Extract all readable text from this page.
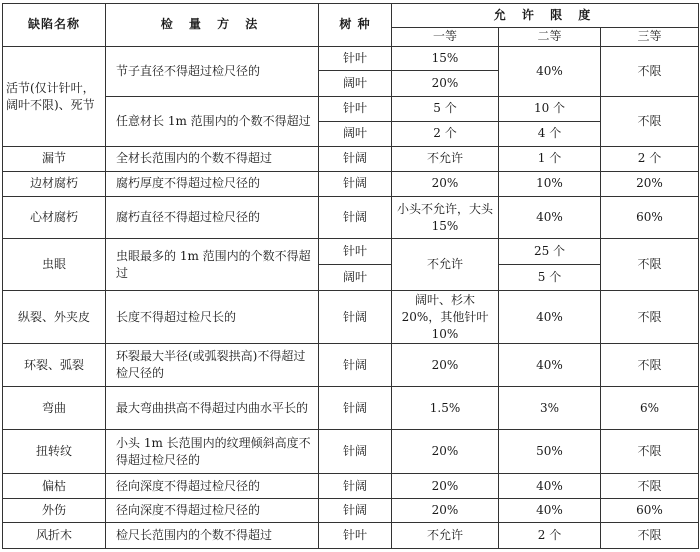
缺陷名称	检 量 方 法	树 种	允 许 限 度		
			一等	二等	三等
活节(仅计针叶，阔叶不限)、死节	节子直径不得超过检尺径的	针叶	15%	40%	不限
		阔叶	20%		
	任意材长 1m 范围内的个数不得超过	针叶	5 个	10 个	不限
		阔叶	2 个	4 个	
漏节	全材长范围内的个数不得超过	针阔	不允许	1 个	2 个
边材腐朽	腐朽厚度不得超过检尺径的	针阔	20%	10%	20%
心材腐朽	腐朽直径不得超过检尺径的	针阔	小头不允许，大头 15%	40%	60%
虫眼	虫眼最多的 1m 范围内的个数不得超过	针叶	不允许	25 个	不限
		阔叶		5 个	
纵裂、外夹皮	长度不得超过检尺长的	针阔	阔叶、杉木 20%，其他针叶 10%	40%	不限
环裂、弧裂	环裂最大半径(或弧裂拱高)不得超过检尺径的	针阔	20%	40%	不限
弯曲	最大弯曲拱高不得超过内曲水平长的	针阔	1.5%	3%	6%
扭转纹	小头 1m 长范围内的纹理倾斜高度不得超过检尺径的	针阔	20%	50%	不限
偏枯	径向深度不得超过检尺径的	针阔	20%	40%	不限
外伤	径向深度不得超过检尺径的	针阔	20%	40%	60%
风折木	检尺长范围内的个数不得超过	针叶	不允许	2 个	不限
